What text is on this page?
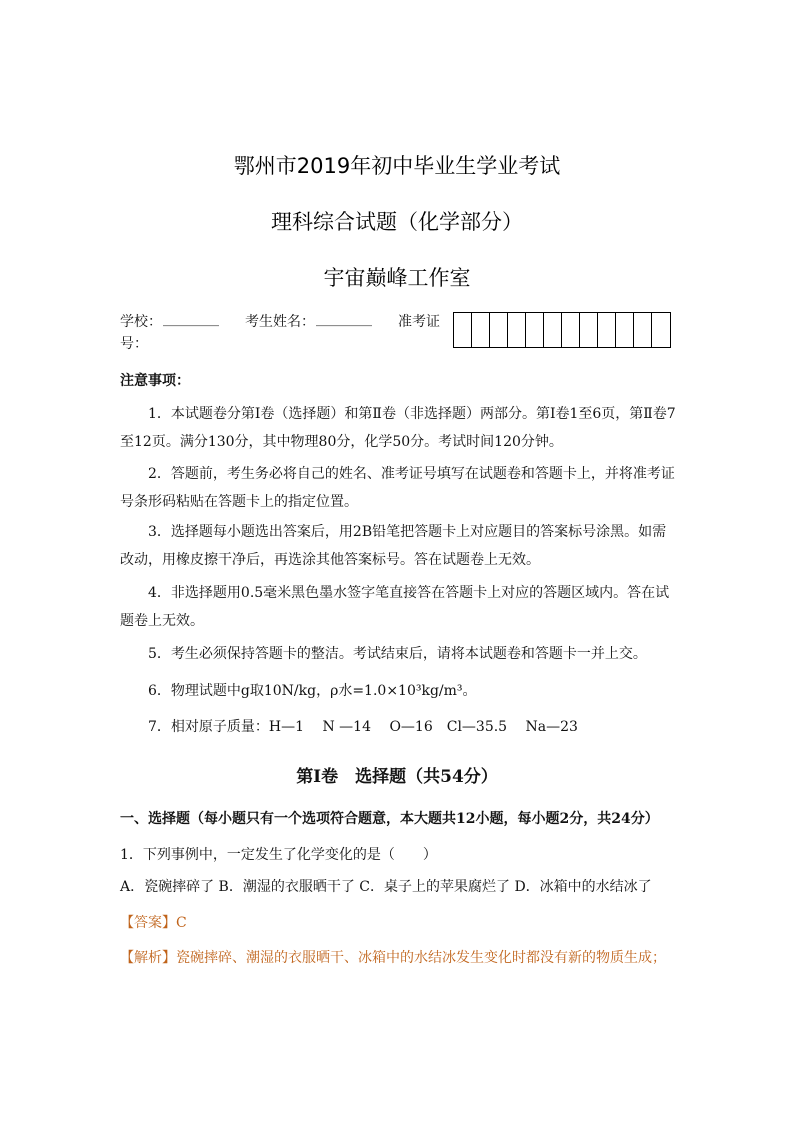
鄂州市2019年初中毕业生学业考试
理科综合试题（化学部分）
宇宙巅峰工作室
学校： ________ 考生姓名： ________ 准考证
号：
注意事项：
1．本试题卷分第Ⅰ卷（选择题）和第Ⅱ卷（非选择题）两部分。第Ⅰ卷1至6页，第Ⅱ卷7至12页。满分130分，其中物理80分，化学50分。考试时间120分钟。
2．答题前，考生务必将自己的姓名、准考证号填写在试题卷和答题卡上，并将准考证号条形码粘贴在答题卡上的指定位置。
3．选择题每小题选出答案后，用2B铅笔把答题卡上对应题目的答案标号涂黑。如需改动，用橡皮擦干净后，再选涂其他答案标号。答在试题卷上无效。
4．非选择题用0.5毫米黑色墨水签字笔直接答在答题卡上对应的答题区域内。答在试题卷上无效。
5．考生必须保持答题卡的整洁。考试结束后，请将本试题卷和答题卡一并上交。
6．物理试题中g取10N/kg，ρ水=1.0×10³kg/m³。
7．相对原子质量：H—1　 N —14　 O—16　Cl—35.5　 Na—23
第Ⅰ卷　选择题（共54分）
一、选择题（每小题只有一个选项符合题意，本大题共12小题，每小题2分，共24分）
1．下列事例中，一定发生了化学变化的是（　　）
A．瓷碗摔碎了 B．潮湿的衣服晒干了 C．桌子上的苹果腐烂了 D．冰箱中的水结冰了
【答案】C
【解析】瓷碗摔碎、潮湿的衣服晒干、冰箱中的水结冰发生变化时都没有新的物质生成；
